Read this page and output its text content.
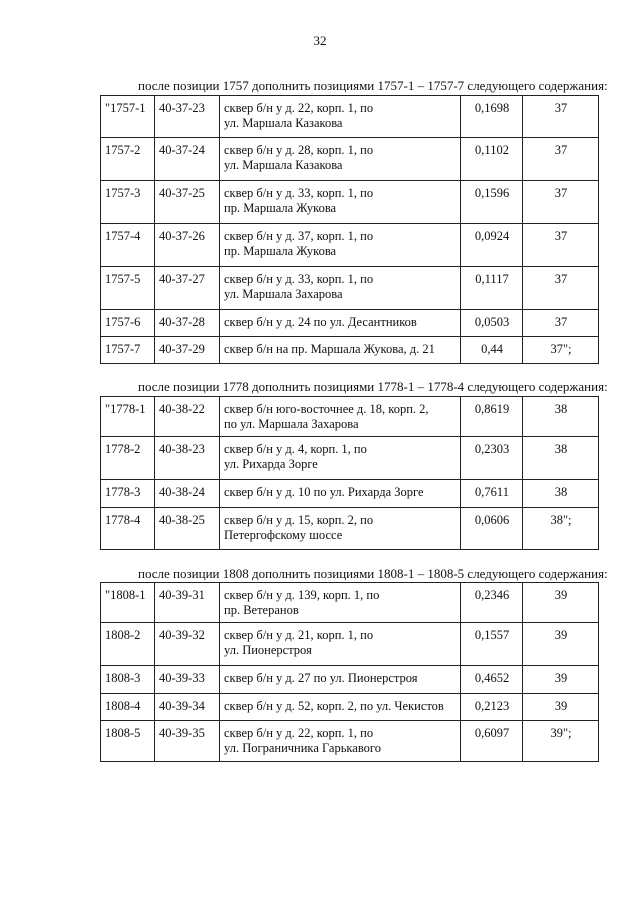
32
после позиции 1757 дополнить позициями 1757-1 – 1757-7 следующего содержания:
"1757-1	40-37-23	сквер б/н у д. 22, корп. 1, по
ул. Маршала Казакова	0,1698	37
1757-2	40-37-24	сквер б/н у д. 28, корп. 1, по
ул. Маршала Казакова	0,1102	37
1757-3	40-37-25	сквер б/н у д. 33, корп. 1, по
пр. Маршала Жукова	0,1596	37
1757-4	40-37-26	сквер б/н у д. 37, корп. 1, по
пр. Маршала Жукова	0,0924	37
1757-5	40-37-27	сквер б/н у д. 33, корп. 1, по
ул. Маршала Захарова	0,1117	37
1757-6	40-37-28	сквер б/н у д. 24 по ул. Десантников	0,0503	37
1757-7	40-37-29	сквер б/н на пр. Маршала Жукова, д. 21	0,44	37";
после позиции 1778 дополнить позициями 1778-1 – 1778-4 следующего содержания:
"1778-1	40-38-22	сквер б/н юго-восточнее д. 18, корп. 2,
по ул. Маршала Захарова	0,8619	38
1778-2	40-38-23	сквер б/н у д. 4, корп. 1, по
ул. Рихарда Зорге	0,2303	38
1778-3	40-38-24	сквер б/н у д. 10 по ул. Рихарда Зорге	0,7611	38
1778-4	40-38-25	сквер б/н у д. 15, корп. 2, по
Петергофскому шоссе	0,0606	38";
после позиции 1808 дополнить позициями 1808-1 – 1808-5 следующего содержания:
"1808-1	40-39-31	сквер б/н у д. 139, корп. 1, по
пр. Ветеранов	0,2346	39
1808-2	40-39-32	сквер б/н у д. 21, корп. 1, по
ул. Пионерстроя	0,1557	39
1808-3	40-39-33	сквер б/н у д. 27 по ул. Пионерстроя	0,4652	39
1808-4	40-39-34	сквер б/н у д. 52, корп. 2, по ул. Чекистов	0,2123	39
1808-5	40-39-35	сквер б/н у д. 22, корп. 1, по
ул. Пограничника Гарькавого	0,6097	39";
